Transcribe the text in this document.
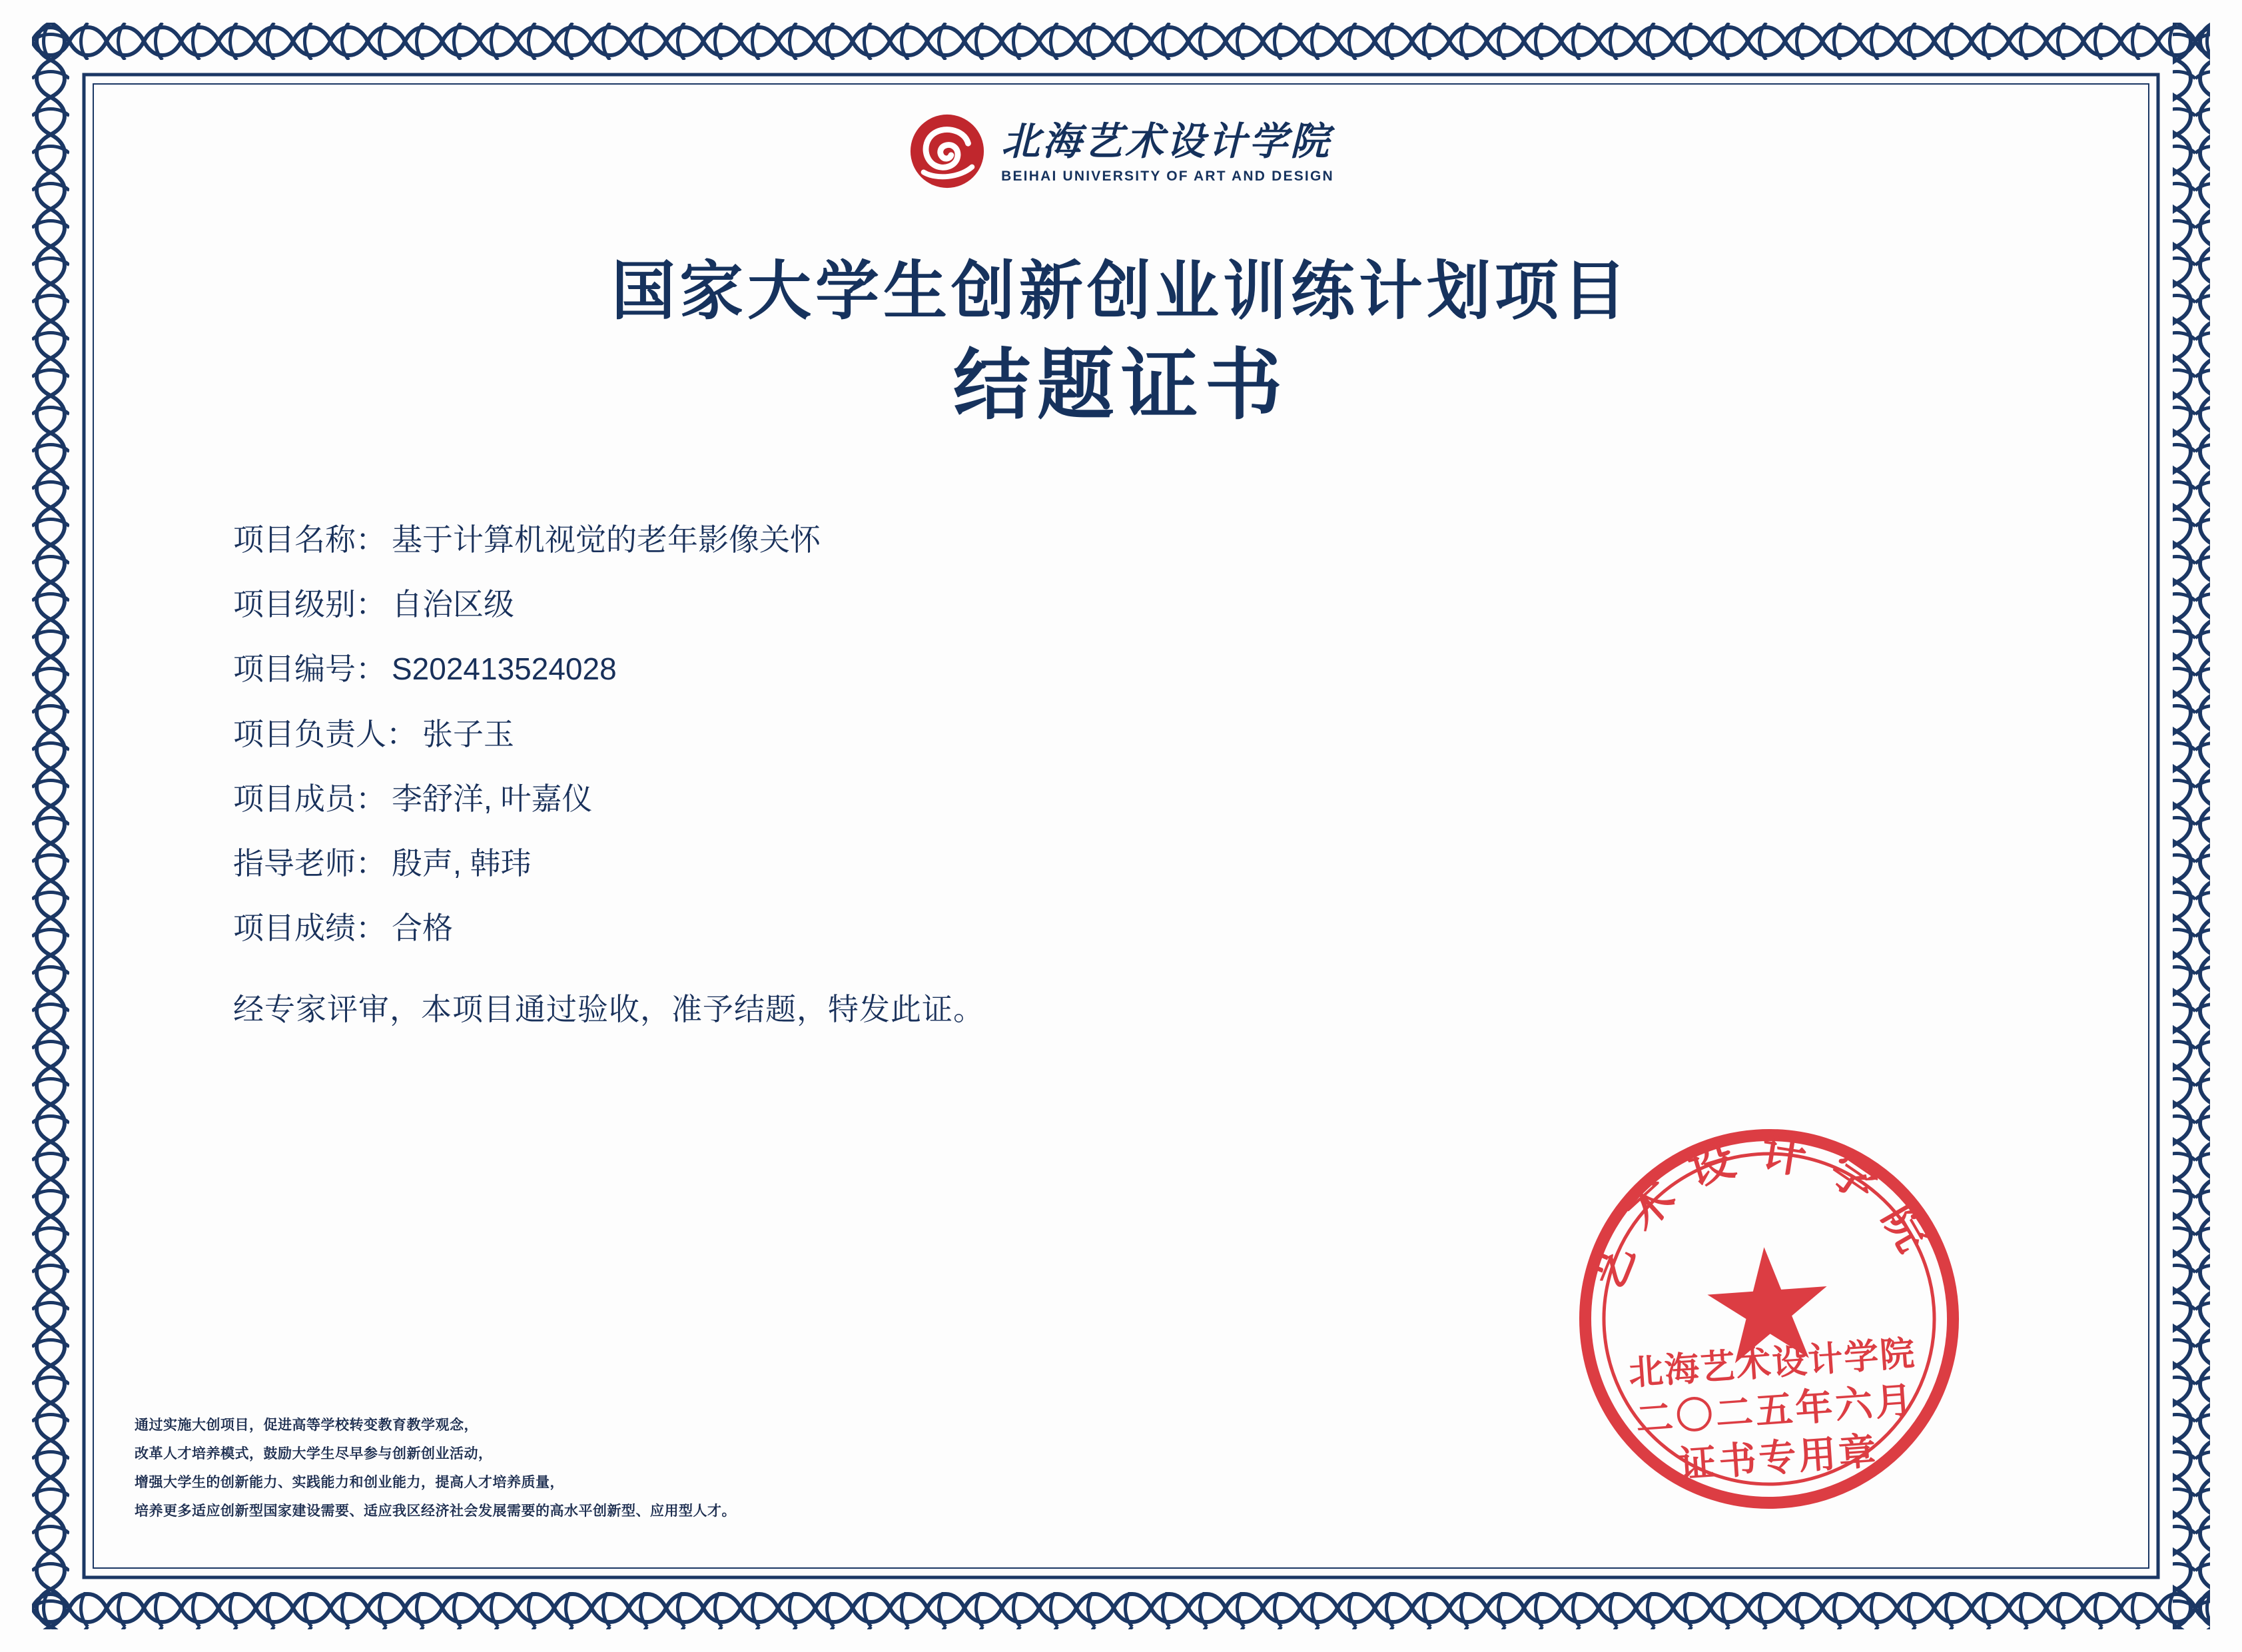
北海艺术设计学院
BEIHAI UNIVERSITY OF ART AND DESIGN
国家大学生创新创业训练计划项目
结题证书
项目名称： 基于计算机视觉的老年影像关怀
项目级别： 自治区级
项目编号： S202413524028
项目负责人： 张子玉
项目成员： 李舒洋, 叶嘉仪
指导老师： 殷声, 韩玮
项目成绩： 合格
经专家评审，本项目通过验收，准予结题，特发此证。
通过实施大创项目，促进高等学校转变教育教学观念，
改革人才培养模式，鼓励大学生尽早参与创新创业活动，
增强大学生的创新能力、实践能力和创业能力，提高人才培养质量，
培养更多适应创新型国家建设需要、适应我区经济社会发展需要的高水平创新型、应用型人才。
艺术设计学院
北海艺术设计学院
二〇二五年六月
证书专用章
